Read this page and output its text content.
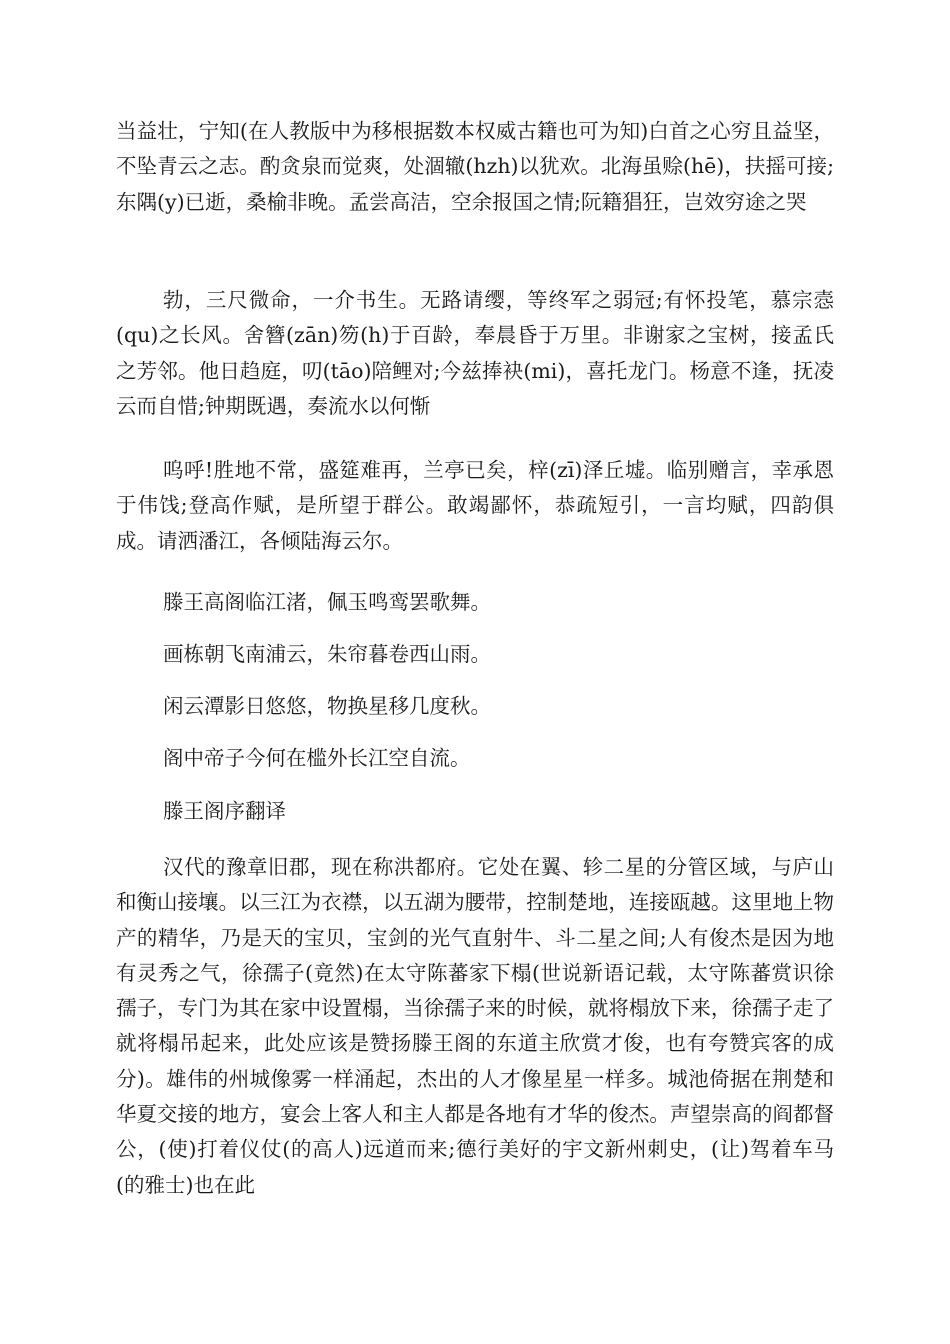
当益壮，宁知(在人教版中为移根据数本权威古籍也可为知)白首之心穷且益坚，不坠青云之志。酌贪泉而觉爽，处涸辙(hzh)以犹欢。北海虽赊(hē)，扶摇可接;东隅(y)已逝，桑榆非晚。孟尝高洁，空余报国之情;阮籍猖狂，岂效穷途之哭

勃，三尺微命，一介书生。无路请缨，等终军之弱冠;有怀投笔，慕宗悫(qu)之长风。舍簪(zān)笏(h)于百龄，奉晨昏于万里。非谢家之宝树，接孟氏之芳邻。他日趋庭，叨(tāo)陪鲤对;今兹捧袂(mi)，喜托龙门。杨意不逢，抚凌云而自惜;钟期既遇，奏流水以何惭

呜呼!胜地不常，盛筵难再，兰亭已矣，梓(zī)泽丘墟。临别赠言，幸承恩于伟饯;登高作赋，是所望于群公。敢竭鄙怀，恭疏短引，一言均赋，四韵俱成。请洒潘江，各倾陆海云尔。

滕王高阁临江渚，佩玉鸣鸾罢歌舞。

画栋朝飞南浦云，朱帘暮卷西山雨。

闲云潭影日悠悠，物换星移几度秋。

阁中帝子今何在槛外长江空自流。

滕王阁序翻译

汉代的豫章旧郡，现在称洪都府。它处在翼、轸二星的分管区域，与庐山和衡山接壤。以三江为衣襟，以五湖为腰带，控制楚地，连接瓯越。这里地上物产的精华，乃是天的宝贝，宝剑的光气直射牛、斗二星之间;人有俊杰是因为地有灵秀之气，徐孺子(竟然)在太守陈蕃家下榻(世说新语记载，太守陈蕃赏识徐孺子，专门为其在家中设置榻，当徐孺子来的时候，就将榻放下来，徐孺子走了就将榻吊起来，此处应该是赞扬滕王阁的东道主欣赏才俊，也有夸赞宾客的成分)。雄伟的州城像雾一样涌起，杰出的人才像星星一样多。城池倚据在荆楚和华夏交接的地方，宴会上客人和主人都是各地有才华的俊杰。声望崇高的阎都督公，(使)打着仪仗(的高人)远道而来;德行美好的宇文新州刺史，(让)驾着车马(的雅士)也在此
